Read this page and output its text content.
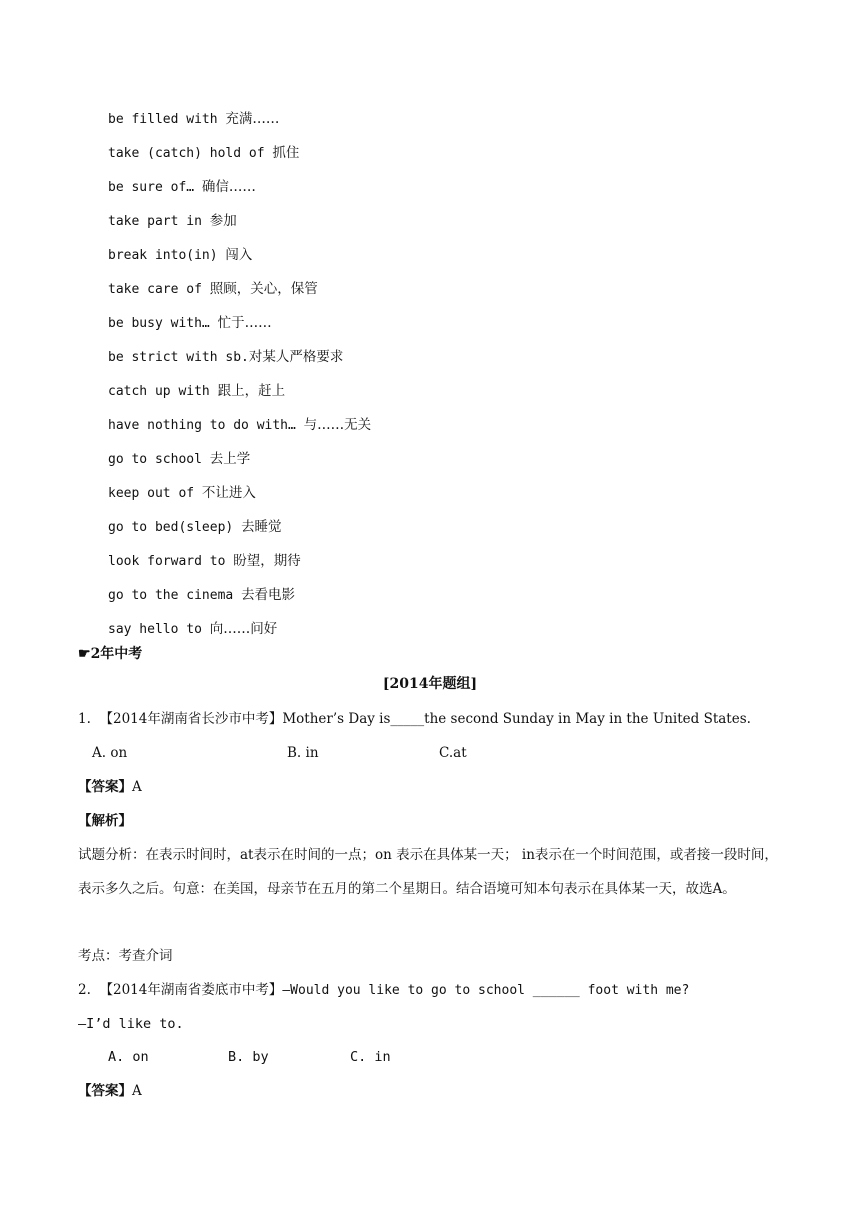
be filled with 充满……
take (catch) hold of 抓住
be sure of… 确信……
take part in 参加
break into(in) 闯入
take care of 照顾，关心，保管
be busy with… 忙于……
be strict with sb.对某人严格要求
catch up with 跟上，赶上
have nothing to do with… 与……无关
go to school 去上学
keep out of 不让进入
go to bed(sleep) 去睡觉
look forward to 盼望，期待
go to the cinema 去看电影
say hello to 向……问好
☛2年中考
[2014年题组]
1. 【2014年湖南省长沙市中考】Mother’s Day is_____the second Sunday in May in the United States.
A. on	B. in	C.at
【答案】A
【解析】
试题分析：在表示时间时，at表示在时间的一点；on 表示在具体某一天； in表示在一个时间范围，或者接一段时间，表示多久之后。句意：在美国，母亲节在五月的第二个星期日。结合语境可知本句表示在具体某一天，故选A。
考点：考查介词
2. 【2014年湖南省娄底市中考】—Would you like to go to school ______ foot with me?
—I’d like to.
A. on	B. by	C. in
【答案】A
